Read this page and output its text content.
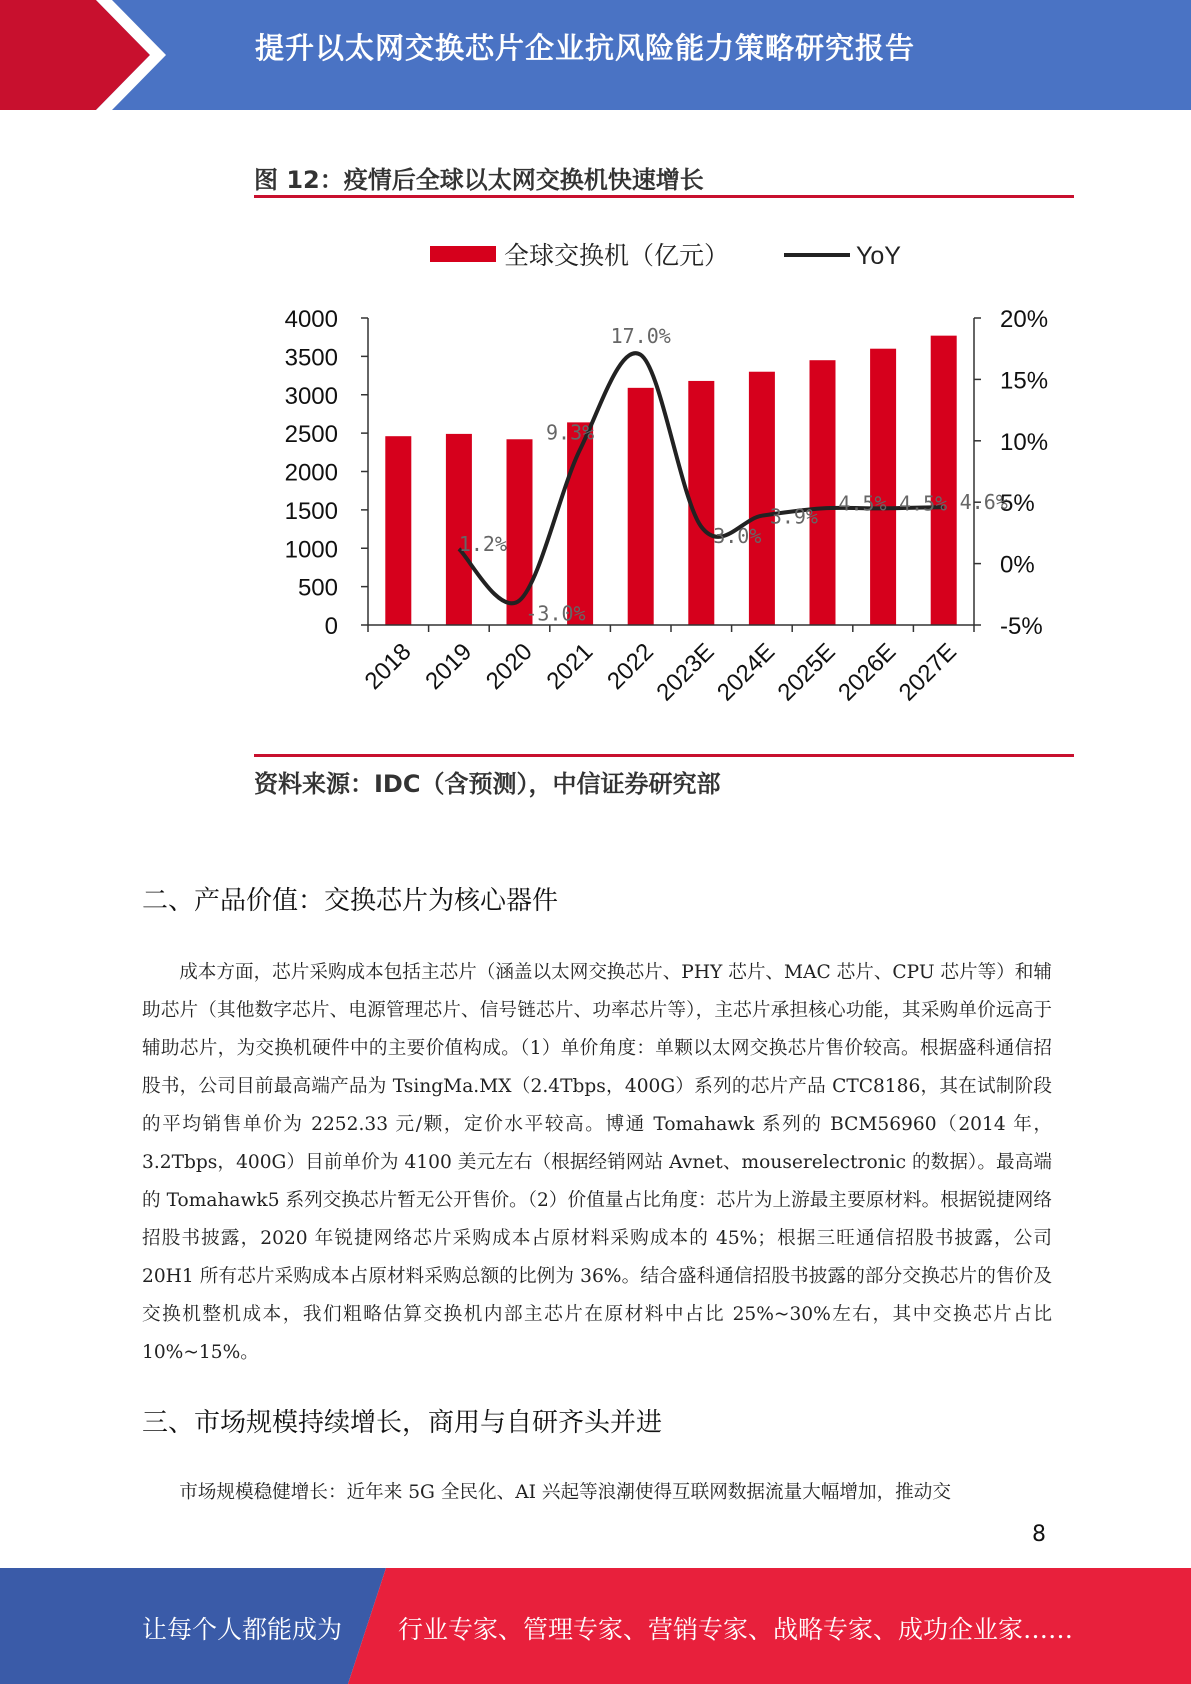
提升以太网交换芯片企业抗风险能力策略研究报告
图 12：疫情后全球以太网交换机快速增长
全球交换机（亿元）	YoY
0
500
1000
1500
2000
2500
3000
3500
4000
-5%
0%
5%
10%
15%
20%
2018 2019 2020 2021 2022
2023E
2024E
2025E
2026E
2027E
1.2%
-3.0%
9.3%
17.0%
3.0%
3.9%
4.5% 4.5% 4.6%
资料来源：IDC（含预测），中信证券研究部
二、产品价值：交换芯片为核心器件

成本方面，芯片采购成本包括主芯片（涵盖以太网交换芯片、PHY 芯片、MAC 芯片、CPU 芯片等）和辅助芯片（其他数字芯片、电源管理芯片、信号链芯片、功率芯片等），主芯片承担核心功能，其采购单价远高于辅助芯片，为交换机硬件中的主要价值构成。（1）单价角度：单颗以太网交换芯片售价较高。根据盛科通信招股书，公司目前最高端产品为 TsingMa.MX（2.4Tbps，400G）系列的芯片产品 CTC8186，其在试制阶段的平均销售单价为 2252.33 元/颗，定价水平较高。博通 Tomahawk 系列的 BCM56960（2014 年，3.2Tbps，400G）目前单价为 4100 美元左右（根据经销网站 Avnet、mouserelectronic 的数据）。最高端的 Tomahawk5 系列交换芯片暂无公开售价。（2）价值量占比角度：芯片为上游最主要原材料。根据锐捷网络招股书披露，2020 年锐捷网络芯片采购成本占原材料采购成本的 45%；根据三旺通信招股书披露，公司 20H1 所有芯片采购成本占原材料采购总额的比例为 36%。结合盛科通信招股书披露的部分交换芯片的售价及交换机整机成本，我们粗略估算交换机内部主芯片在原材料中占比 25%~30%左右，其中交换芯片占比 10%~15%。

三、市场规模持续增长，商用与自研齐头并进

市场规模稳健增长：近年来 5G 全民化、AI 兴起等浪潮使得互联网数据流量大幅增加，推动交

8
让每个人都能成为 行业专家、管理专家、营销专家、战略专家、成功企业家……
